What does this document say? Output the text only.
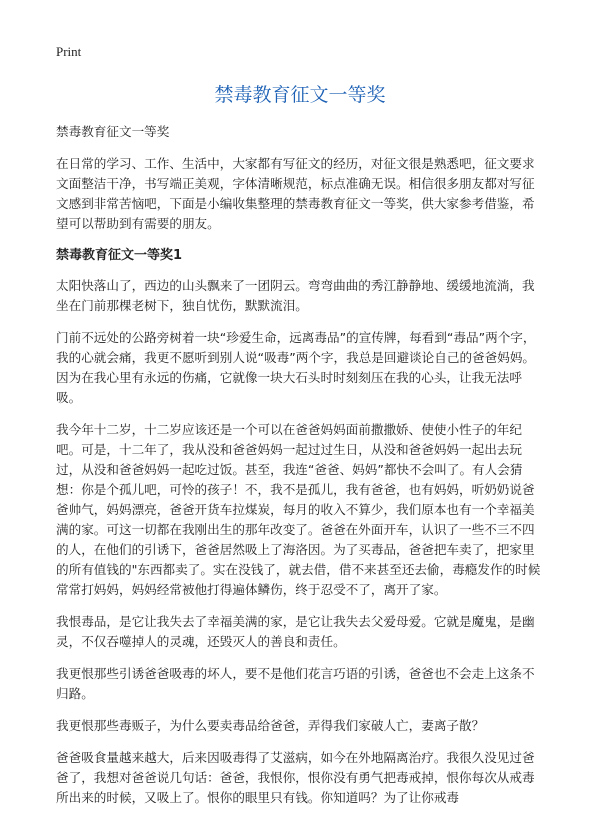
Print
禁毒教育征文一等奖

禁毒教育征文一等奖

在日常的学习、工作、生活中，大家都有写征文的经历，对征文很是熟悉吧，征文要求文面整洁干净，书写端正美观，字体清晰规范，标点准确无误。相信很多朋友都对写征文感到非常苦恼吧，下面是小编收集整理的禁毒教育征文一等奖，供大家参考借鉴，希望可以帮助到有需要的朋友。

禁毒教育征文一等奖1

太阳快落山了，西边的山头飘来了一团阴云。弯弯曲曲的秀江静静地、缓缓地流淌，我坐在门前那棵老树下，独自忧伤，默默流泪。

门前不远处的公路旁树着一块“珍爱生命，远离毒品”的宣传牌，每看到“毒品”两个字，我的心就会痛，我更不愿听到别人说“吸毒”两个字，我总是回避谈论自己的爸爸妈妈。因为在我心里有永远的伤痛，它就像一块大石头时时刻刻压在我的心头，让我无法呼吸。

我今年十二岁，十二岁应该还是一个可以在爸爸妈妈面前撒撒娇、使使小性子的年纪吧。可是，十二年了，我从没和爸爸妈妈一起过过生日，从没和爸爸妈妈一起出去玩过，从没和爸爸妈妈一起吃过饭。甚至，我连“爸爸、妈妈”都快不会叫了。有人会猜想：你是个孤儿吧，可怜的孩子！不，我不是孤儿，我有爸爸，也有妈妈，听奶奶说爸爸帅气，妈妈漂亮，爸爸开货车拉煤炭，每月的收入不算少，我们原本也有一个幸福美满的家。可这一切都在我刚出生的那年改变了。爸爸在外面开车，认识了一些不三不四的人，在他们的引诱下，爸爸居然吸上了海洛因。为了买毒品，爸爸把车卖了，把家里的所有值钱的"东西都卖了。实在没钱了，就去借，借不来甚至还去偷，毒瘾发作的时候常常打妈妈，妈妈经常被他打得遍体鳞伤，终于忍受不了，离开了家。

我恨毒品，是它让我失去了幸福美满的家，是它让我失去父爱母爱。它就是魔鬼，是幽灵，不仅吞噬掉人的灵魂，还毁灭人的善良和责任。

我更恨那些引诱爸爸吸毒的坏人，要不是他们花言巧语的引诱，爸爸也不会走上这条不归路。

我更恨那些毒贩子，为什么要卖毒品给爸爸，弄得我们家破人亡，妻离子散？

爸爸吸食量越来越大，后来因吸毒得了艾滋病，如今在外地隔离治疗。我很久没见过爸爸了，我想对爸爸说几句话：爸爸，我恨你，恨你没有勇气把毒戒掉，恨你每次从戒毒所出来的时候，又吸上了。恨你的眼里只有钱。你知道吗？为了让你戒毒
